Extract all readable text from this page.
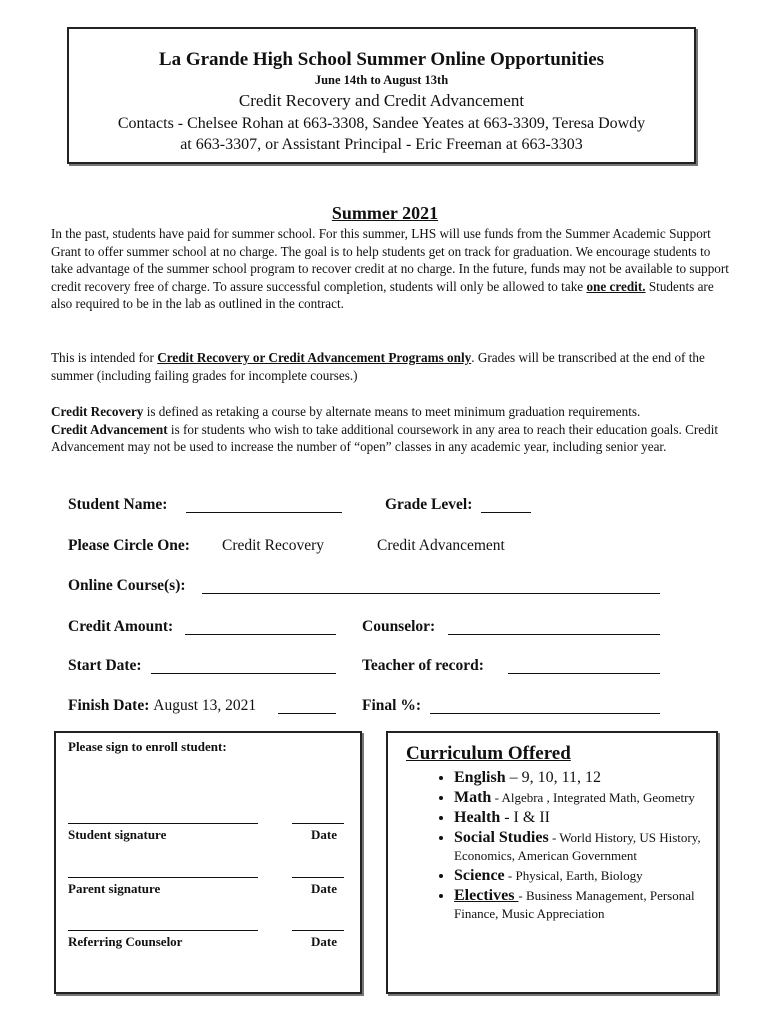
La Grande High School Summer Online Opportunities
June 14th to August 13th
Credit Recovery and Credit Advancement
Contacts - Chelsee Rohan at 663-3308, Sandee Yeates at 663-3309, Teresa Dowdy
at 663-3307, or Assistant Principal - Eric Freeman at 663-3303
Summer 2021
In the past, students have paid for summer school. For this summer, LHS will use funds from the Summer Academic Support Grant to offer summer school at no charge. The goal is to help students get on track for graduation. We encourage students to take advantage of the summer school program to recover credit at no charge. In the future, funds may not be available to support credit recovery free of charge. To assure successful completion, students will only be allowed to take one credit. Students are also required to be in the lab as outlined in the contract.
This is intended for Credit Recovery or Credit Advancement Programs only. Grades will be transcribed at the end of the summer (including failing grades for incomplete courses.)
Credit Recovery is defined as retaking a course by alternate means to meet minimum graduation requirements.
Credit Advancement is for students who wish to take additional coursework in any area to reach their education goals. Credit Advancement may not be used to increase the number of “open” classes in any academic year, including senior year.
Student Name:	Grade Level:
Please Circle One: Credit Recovery	Credit Advancement
Online Course(s):
Credit Amount:	Counselor:
Start Date:	Teacher of record:
Finish Date: August 13, 2021	Final %:
Please sign to enroll student:
Student signature	Date
Parent signature	Date
Referring Counselor	Date
Curriculum Offered
• English – 9, 10, 11, 12
• Math - Algebra , Integrated Math, Geometry
• Health - I & II
• Social Studies - World History, US History, Economics, American Government
• Science - Physical, Earth, Biology
• Electives - Business Management, Personal Finance, Music Appreciation
